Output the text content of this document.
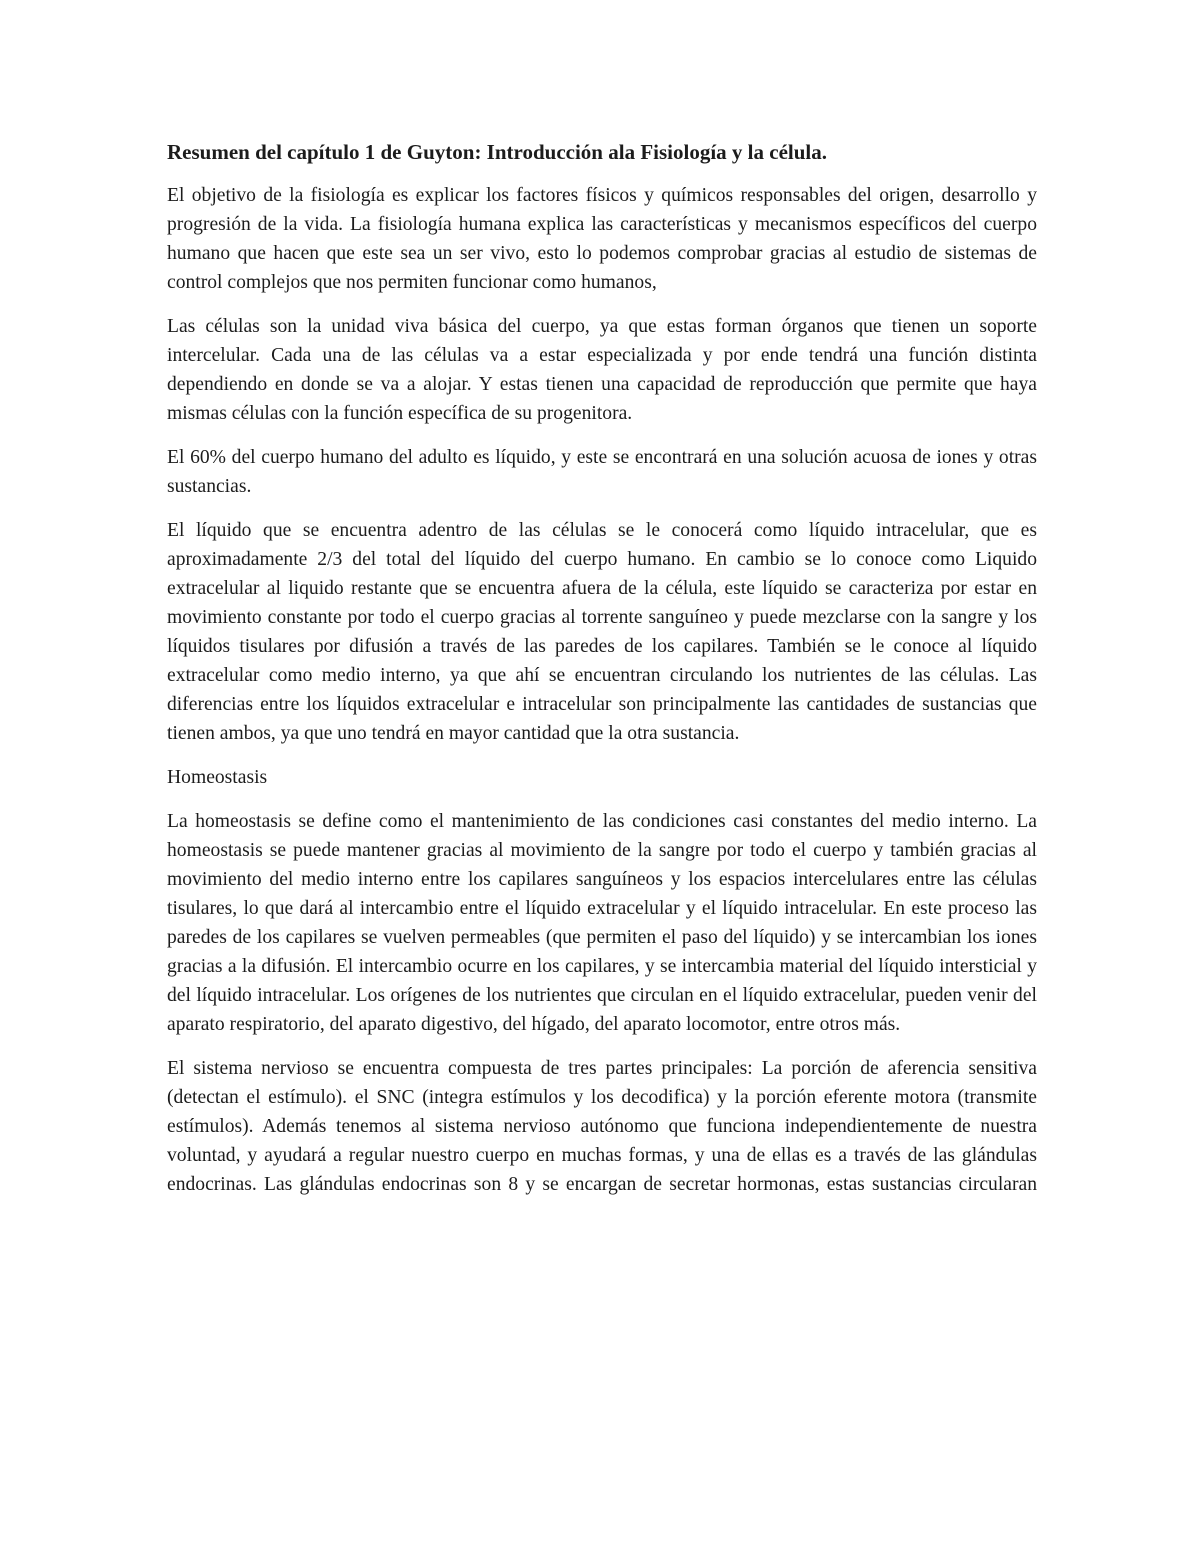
Resumen del capítulo 1 de Guyton: Introducción ala Fisiología y la célula.

El objetivo de la fisiología es explicar los factores físicos y químicos responsables del origen, desarrollo y progresión de la vida. La fisiología humana explica las características y mecanismos específicos del cuerpo humano que hacen que este sea un ser vivo, esto lo podemos comprobar gracias al estudio de sistemas de control complejos que nos permiten funcionar como humanos,

Las células son la unidad viva básica del cuerpo, ya que estas forman órganos que tienen un soporte intercelular. Cada una de las células va a estar especializada y por ende tendrá una función distinta dependiendo en donde se va a alojar. Y estas tienen una capacidad de reproducción que permite que haya mismas células con la función específica de su progenitora.

El 60% del cuerpo humano del adulto es líquido, y este se encontrará en una solución acuosa de iones y otras sustancias.

El líquido que se encuentra adentro de las células se le conocerá como líquido intracelular, que es aproximadamente 2/3 del total del líquido del cuerpo humano. En cambio se lo conoce como Liquido extracelular al liquido restante que se encuentra afuera de la célula, este líquido se caracteriza por estar en movimiento constante por todo el cuerpo gracias al torrente sanguíneo y puede mezclarse con la sangre y los líquidos tisulares por difusión a través de las paredes de los capilares. También se le conoce al líquido extracelular como medio interno, ya que ahí se encuentran circulando los nutrientes de las células. Las diferencias entre los líquidos extracelular e intracelular son principalmente las cantidades de sustancias que tienen ambos, ya que uno tendrá en mayor cantidad que la otra sustancia.

Homeostasis

La homeostasis se define como el mantenimiento de las condiciones casi constantes del medio interno. La homeostasis se puede mantener gracias al movimiento de la sangre por todo el cuerpo y también gracias al movimiento del medio interno entre los capilares sanguíneos y los espacios intercelulares entre las células tisulares, lo que dará al intercambio entre el líquido extracelular y el líquido intracelular. En este proceso las paredes de los capilares se vuelven permeables (que permiten el paso del líquido) y se intercambian los iones gracias a la difusión. El intercambio ocurre en los capilares, y se intercambia material del líquido intersticial y del líquido intracelular. Los orígenes de los nutrientes que circulan en el líquido extracelular, pueden venir del aparato respiratorio, del aparato digestivo, del hígado, del aparato locomotor, entre otros más.

El sistema nervioso se encuentra compuesta de tres partes principales: La porción de aferencia sensitiva (detectan el estímulo). el SNC (integra estímulos y los decodifica) y la porción eferente motora (transmite estímulos). Además tenemos al sistema nervioso autónomo que funciona independientemente de nuestra voluntad, y ayudará a regular nuestro cuerpo en muchas formas, y una de ellas es a través de las glándulas endocrinas. Las glándulas endocrinas son 8 y se encargan de secretar hormonas, estas sustancias circularan
